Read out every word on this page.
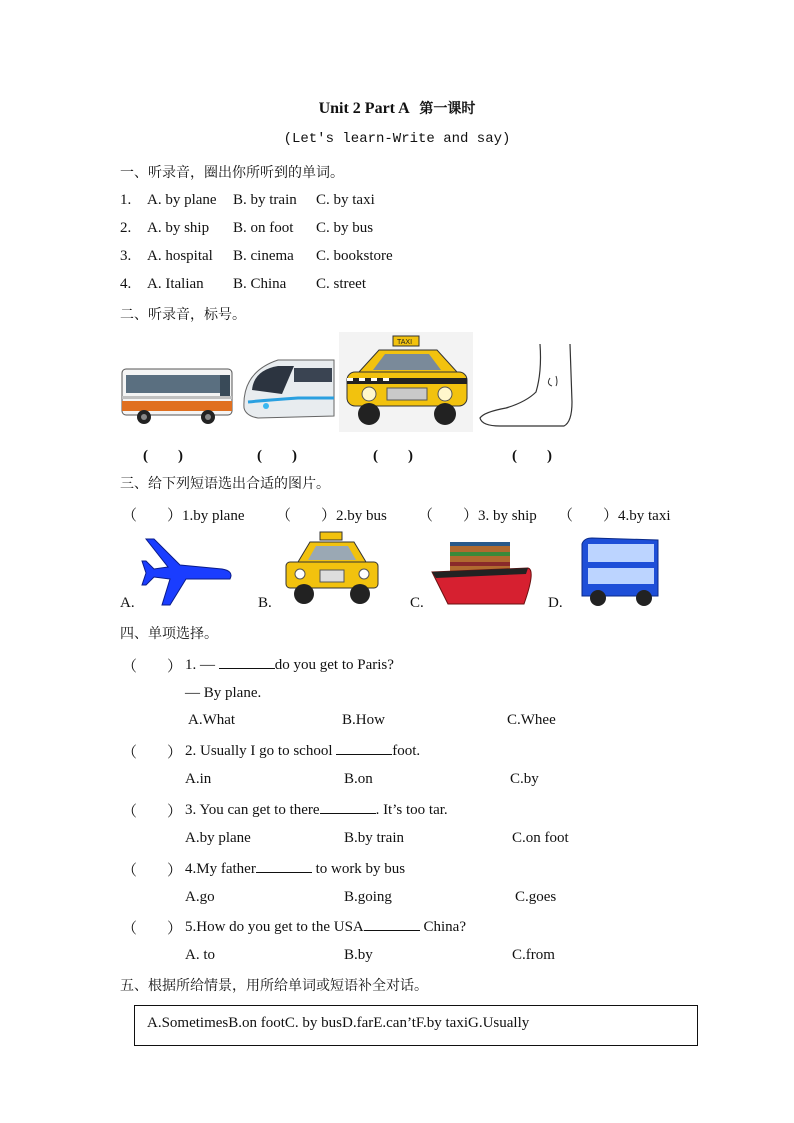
Unit 2 Part A 第一课时
(Let's learn-Write and say)
一、听录音，圈出你所听到的单词。
1. A. by plane B. by train C. by taxi
2. A. by ship B. on foot C. by bus
3. A. hospital B. cinema C. bookstore
4. A. Italian B. China C. street
二、听录音，标号。
TAXI
(　　)	(　　)	(　　)	(　　)
三、给下列短语选出合适的图片。
（　　）1.by plane （　　）2.by bus （　　）3. by ship （　　）4.by taxi
A.	B.	C.	D.
四、单项选择。
（　　） 1. —	do you get to Paris?
— By plane.
A.What	B.How	C.Whee
（　　） 2. Usually I go to school	foot.
A.in	B.on	C.by
（　　） 3. You can get to there	. It’s too tar.
A.by plane	B.by train	C.on foot
（　　） 4.My father	to work by bus
A.go	B.going	C.goes
（　　） 5.How do you get to the USA	China?
A. to	B.by	C.from
五、根据所给情景，用所给单词或短语补全对话。
A.SometimesB.on footC. by busD.farE.can’tF.by taxiG.Usually
